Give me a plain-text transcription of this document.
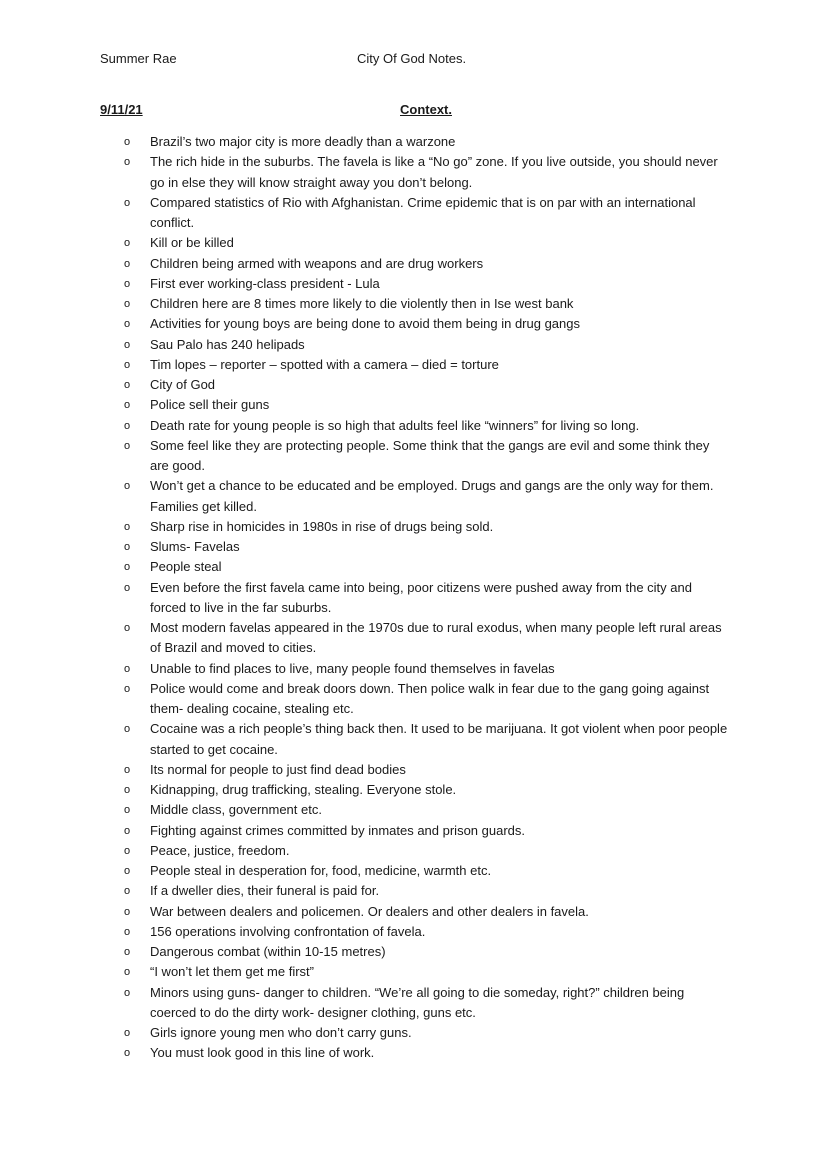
Summer Rae	City Of God Notes.
9/11/21	Context.
o Brazil’s two major city is more deadly than a warzone
o The rich hide in the suburbs. The favela is like a “No go” zone. If you live outside, you should never go in else they will know straight away you don’t belong.
o Compared statistics of Rio with Afghanistan. Crime epidemic that is on par with an international conflict.
o Kill or be killed
o Children being armed with weapons and are drug workers
o First ever working-class president - Lula
o Children here are 8 times more likely to die violently then in Ise west bank
o Activities for young boys are being done to avoid them being in drug gangs
o Sau Palo has 240 helipads
o Tim lopes – reporter – spotted with a camera – died = torture
o City of God
o Police sell their guns
o Death rate for young people is so high that adults feel like “winners” for living so long.
o Some feel like they are protecting people. Some think that the gangs are evil and some think they are good.
o Won’t get a chance to be educated and be employed. Drugs and gangs are the only way for them. Families get killed.
o Sharp rise in homicides in 1980s in rise of drugs being sold.
o Slums- Favelas
o People steal
o Even before the first favela came into being, poor citizens were pushed away from the city and forced to live in the far suburbs.
o Most modern favelas appeared in the 1970s due to rural exodus, when many people left rural areas of Brazil and moved to cities.
o Unable to find places to live, many people found themselves in favelas
o Police would come and break doors down. Then police walk in fear due to the gang going against them- dealing cocaine, stealing etc.
o Cocaine was a rich people’s thing back then. It used to be marijuana. It got violent when poor people started to get cocaine.
o Its normal for people to just find dead bodies
o Kidnapping, drug trafficking, stealing. Everyone stole.
o Middle class, government etc.
o Fighting against crimes committed by inmates and prison guards.
o Peace, justice, freedom.
o People steal in desperation for, food, medicine, warmth etc.
o If a dweller dies, their funeral is paid for.
o War between dealers and policemen. Or dealers and other dealers in favela.
o 156 operations involving confrontation of favela.
o Dangerous combat (within 10-15 metres)
o “I won’t let them get me first”
o Minors using guns- danger to children. “We’re all going to die someday, right?” children being coerced to do the dirty work- designer clothing, guns etc.
o Girls ignore young men who don’t carry guns.
o You must look good in this line of work.
